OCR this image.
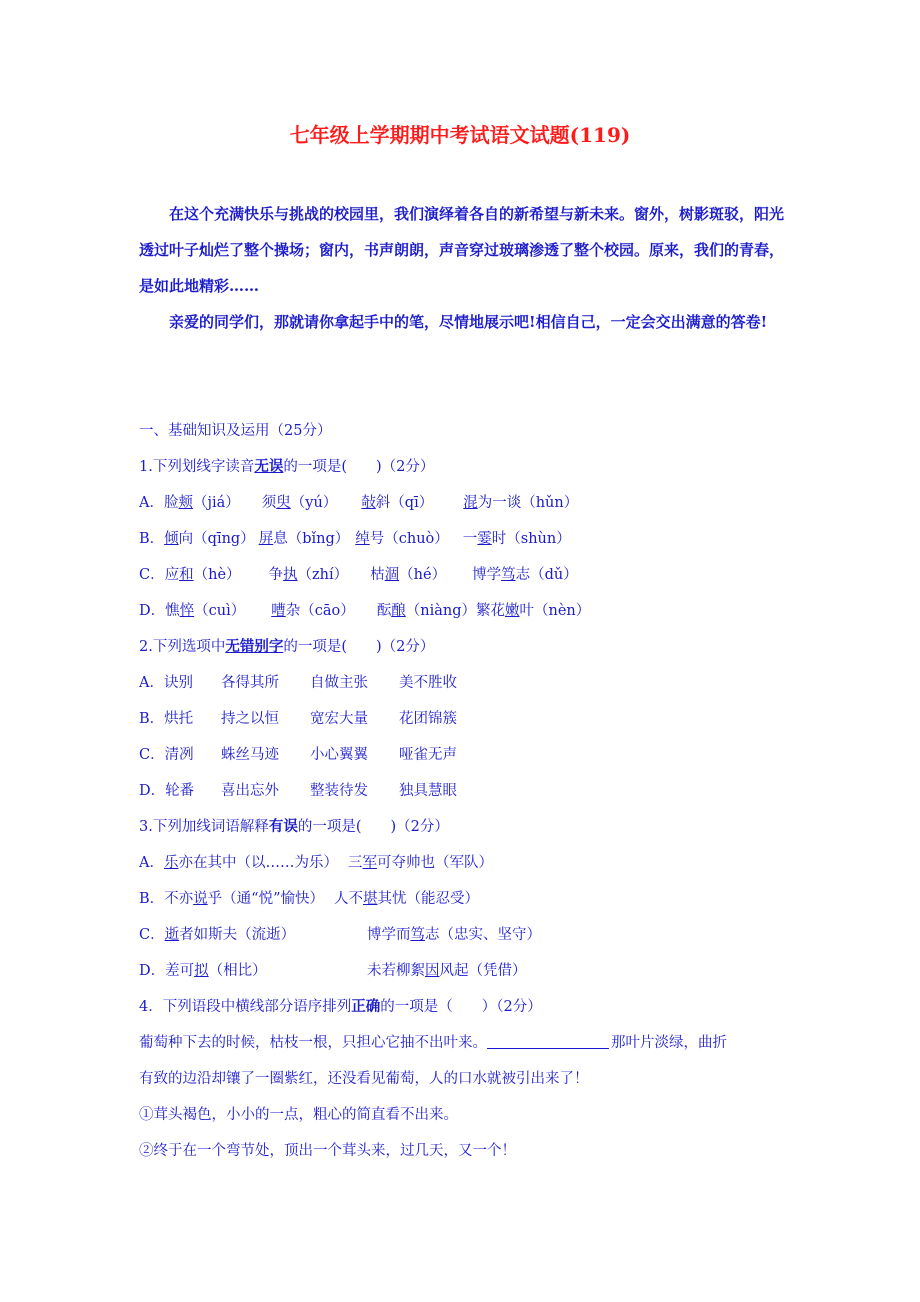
七年级上学期期中考试语文试题(119)

在这个充满快乐与挑战的校园里，我们演绎着各自的新希望与新未来。窗外，树影斑驳，阳光透过叶子灿烂了整个操场；窗内，书声朗朗，声音穿过玻璃渗透了整个校园。原来，我们的青春，是如此地精彩……

亲爱的同学们，那就请你拿起手中的笔，尽情地展示吧!相信自己，一定会交出满意的答卷!

一、基础知识及运用（25分）
1.下列划线字读音无误的一项是(　　)（2分）
A．脸颊（jiá） 须臾（yú） 敧斜（qī） 混为一谈（hǔn）
B．倾向（qīng） 屏息（bǐng） 绰号（chuò） 一霎时（shùn）
C．应和（hè） 争执（zhí） 枯涸（hé） 博学笃志（dǔ）
D．憔悴（cuì） 嘈杂（cāo） 酝酿（niàng）繁花嫩叶（nèn）
2.下列选项中无错别字的一项是(　　)（2分）
A．诀别 各得其所 自做主张 美不胜收
B．烘托 持之以恒 宽宏大量 花团锦簇
C．清冽 蛛丝马迹 小心翼翼 哑雀无声
D．轮番 喜出忘外 整装待发 独具慧眼
3.下列加线词语解释有误的一项是(　　)（2分）
A．乐亦在其中（以……为乐） 三军可夺帅也（军队）
B．不亦说乎（通“悦”愉快） 人不堪其忧（能忍受）
C．逝者如斯夫（流逝）	博学而笃志（忠实、坚守）
D．差可拟（相比）	未若柳絮因风起（凭借）
4．下列语段中横线部分语序排列正确的一项是（　　）（2分）
葡萄种下去的时候，枯枝一根，只担心它抽不出叶来。	那叶片淡绿，曲折
有致的边沿却镶了一圈紫红，还没看见葡萄，人的口水就被引出来了！
①茸头褐色，小小的一点，粗心的简直看不出来。
②终于在一个弯节处，顶出一个茸头来，过几天，又一个！
